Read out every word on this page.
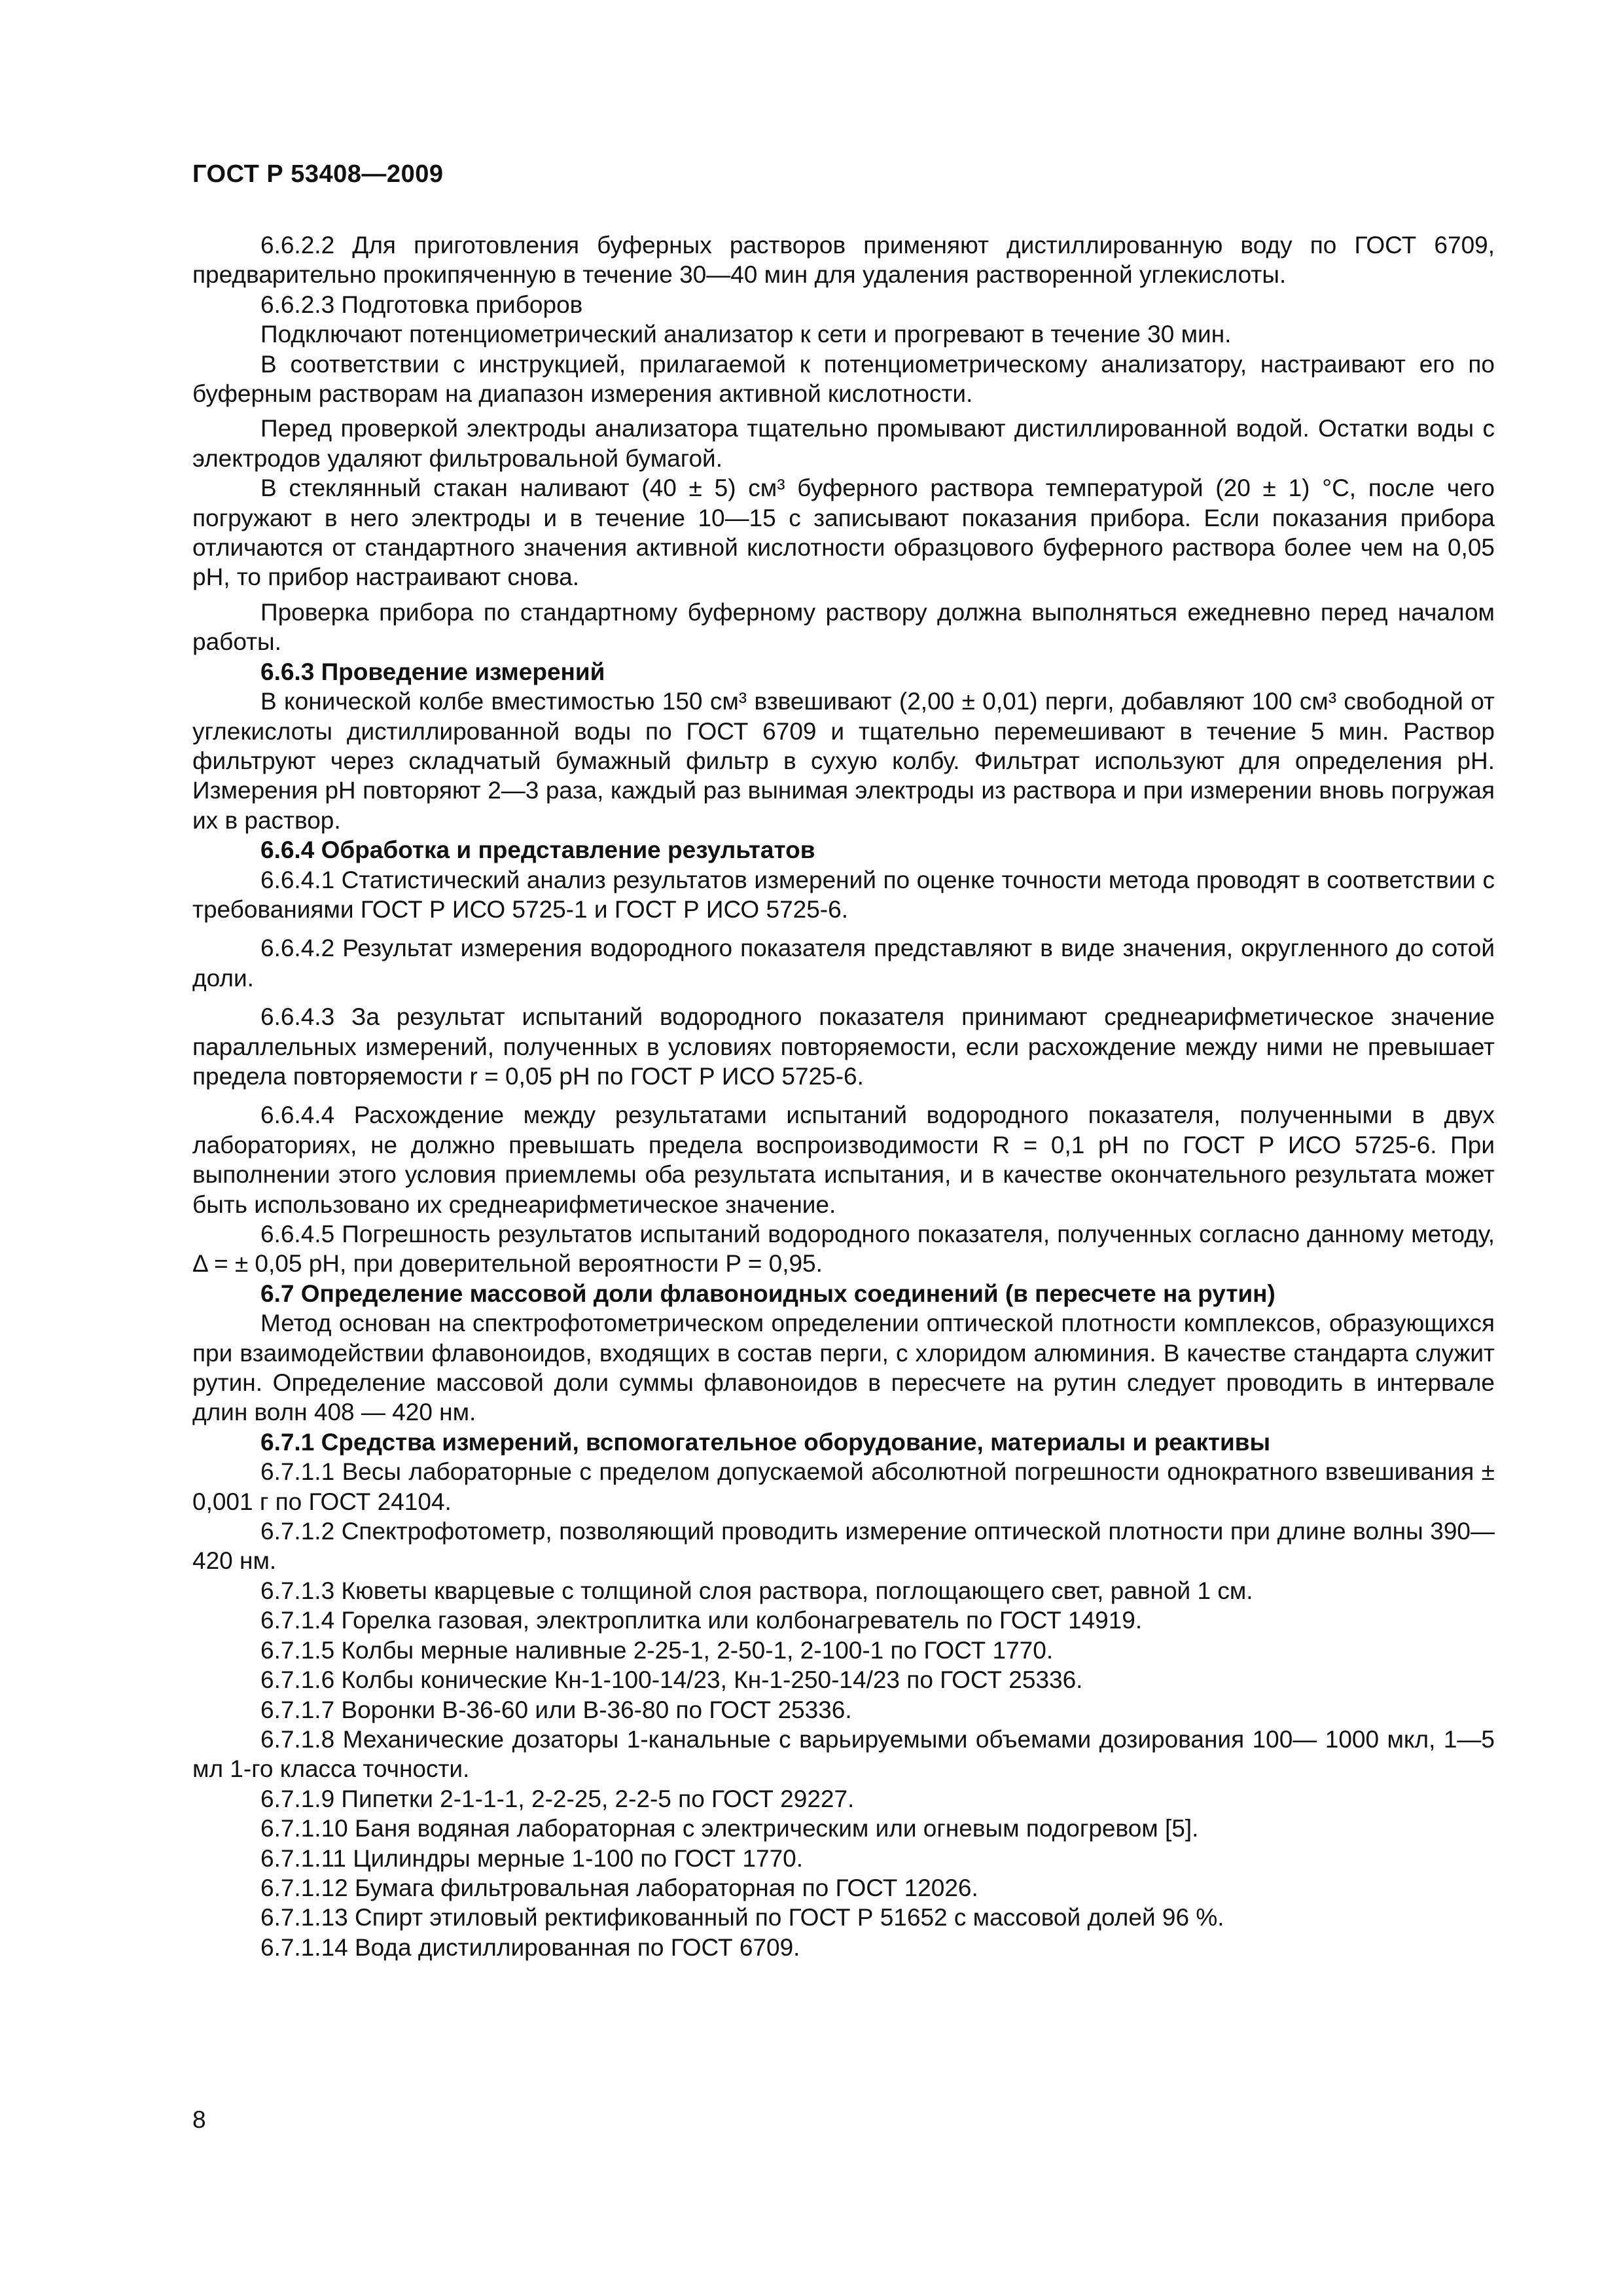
ГОСТ Р 53408—2009

6.6.2.2 Для приготовления буферных растворов применяют дистиллированную воду по ГОСТ 6709, предварительно прокипяченную в течение 30—40 мин для удаления растворенной углекислоты.

6.6.2.3 Подготовка приборов

Подключают потенциометрический анализатор к сети и прогревают в течение 30 мин.

В соответствии с инструкцией, прилагаемой к потенциометрическому анализатору, настраивают его по буферным растворам на диапазон измерения активной кислотности.

Перед проверкой электроды анализатора тщательно промывают дистиллированной водой. Остатки воды с электродов удаляют фильтровальной бумагой.

В стеклянный стакан наливают (40 ± 5) см³ буферного раствора температурой (20 ± 1) °С, после чего погружают в него электроды и в течение 10—15 с записывают показания прибора. Если показания прибора отличаются от стандартного значения активной кислотности образцового буферного раствора более чем на 0,05 рН, то прибор настраивают снова.

Проверка прибора по стандартному буферному раствору должна выполняться ежедневно перед началом работы.

6.6.3 Проведение измерений

В конической колбе вместимостью 150 см³ взвешивают (2,00 ± 0,01) перги, добавляют 100 см³ свободной от углекислоты дистиллированной воды по ГОСТ 6709 и тщательно перемешивают в течение 5 мин. Раствор фильтруют через складчатый бумажный фильтр в сухую колбу. Фильтрат используют для определения рН. Измерения рН повторяют 2—3 раза, каждый раз вынимая электроды из раствора и при измерении вновь погружая их в раствор.

6.6.4 Обработка и представление результатов

6.6.4.1 Статистический анализ результатов измерений по оценке точности метода проводят в соответствии с требованиями ГОСТ Р ИСО 5725-1 и ГОСТ Р ИСО 5725-6.

6.6.4.2 Результат измерения водородного показателя представляют в виде значения, округленного до сотой доли.

6.6.4.3 За результат испытаний водородного показателя принимают среднеарифметическое значение параллельных измерений, полученных в условиях повторяемости, если расхождение между ними не превышает предела повторяемости r = 0,05 pH по ГОСТ Р ИСО 5725-6.

6.6.4.4 Расхождение между результатами испытаний водородного показателя, полученными в двух лабораториях, не должно превышать предела воспроизводимости R = 0,1 pH по ГОСТ Р ИСО 5725-6. При выполнении этого условия приемлемы оба результата испытания, и в качестве окончательного результата может быть использовано их среднеарифметическое значение.

6.6.4.5 Погрешность результатов испытаний водородного показателя, полученных согласно данному методу, Δ = ± 0,05 pH, при доверительной вероятности P = 0,95.

6.7 Определение массовой доли флавоноидных соединений (в пересчете на рутин)

Метод основан на спектрофотометрическом определении оптической плотности комплексов, образующихся при взаимодействии флавоноидов, входящих в состав перги, с хлоридом алюминия. В качестве стандарта служит рутин. Определение массовой доли суммы флавоноидов в пересчете на рутин следует проводить в интервале длин волн 408 — 420 нм.

6.7.1 Средства измерений, вспомогательное оборудование, материалы и реактивы

6.7.1.1 Весы лабораторные с пределом допускаемой абсолютной погрешности однократного взвешивания ± 0,001 г по ГОСТ 24104.

6.7.1.2 Спектрофотометр, позволяющий проводить измерение оптической плотности при длине волны 390—420 нм.

6.7.1.3 Кюветы кварцевые с толщиной слоя раствора, поглощающего свет, равной 1 см.

6.7.1.4 Горелка газовая, электроплитка или колбонагреватель по ГОСТ 14919.

6.7.1.5 Колбы мерные наливные 2-25-1, 2-50-1, 2-100-1 по ГОСТ 1770.

6.7.1.6 Колбы конические Кн-1-100-14/23, Кн-1-250-14/23 по ГОСТ 25336.

6.7.1.7 Воронки В-36-60 или В-36-80 по ГОСТ 25336.

6.7.1.8 Механические дозаторы 1-канальные с варьируемыми объемами дозирования 100— 1000 мкл, 1—5 мл 1-го класса точности.

6.7.1.9 Пипетки 2-1-1-1, 2-2-25, 2-2-5 по ГОСТ 29227.

6.7.1.10 Баня водяная лабораторная с электрическим или огневым подогревом [5].

6.7.1.11 Цилиндры мерные 1-100 по ГОСТ 1770.

6.7.1.12 Бумага фильтровальная лабораторная по ГОСТ 12026.

6.7.1.13 Спирт этиловый ректификованный по ГОСТ Р 51652 с массовой долей 96 %.

6.7.1.14 Вода дистиллированная по ГОСТ 6709.

8
